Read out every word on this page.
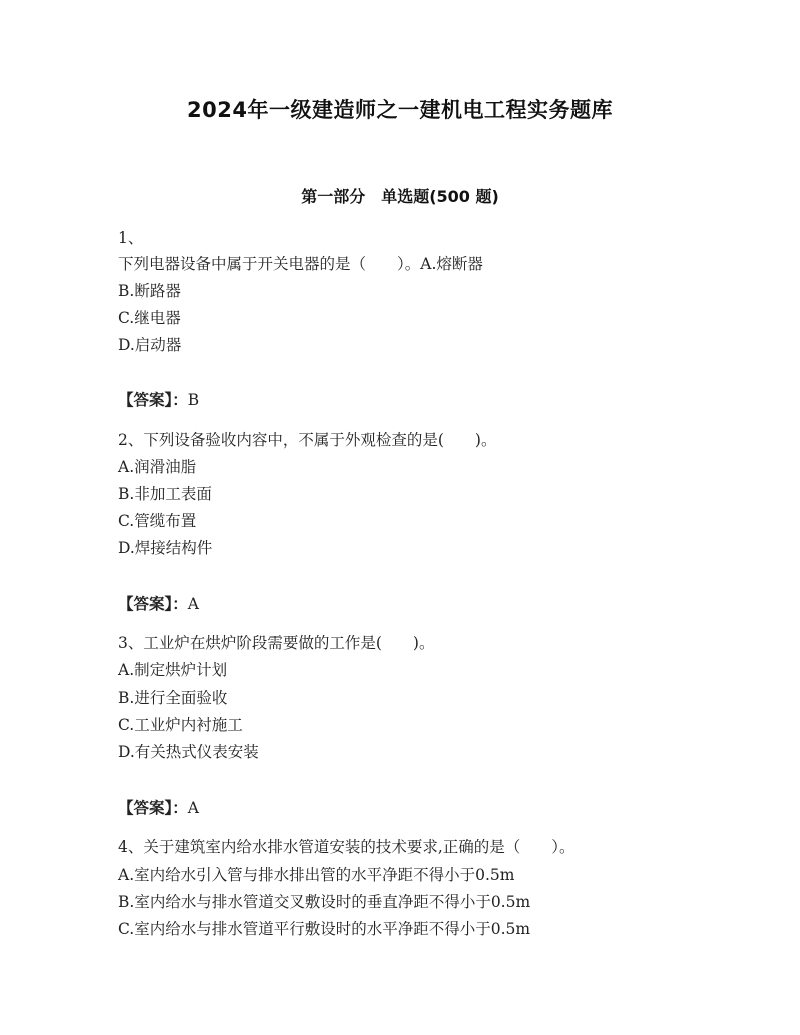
2024年一级建造师之一建机电工程实务题库
第一部分　单选题(500 题)
1、
下列电器设备中属于开关电器的是（　　）。A.熔断器
B.断路器
C.继电器
D.启动器
【答案】：B
2、下列设备验收内容中，不属于外观检查的是(　　)。
A.润滑油脂
B.非加工表面
C.管缆布置
D.焊接结构件
【答案】：A
3、工业炉在烘炉阶段需要做的工作是(　　)。
A.制定烘炉计划
B.进行全面验收
C.工业炉内衬施工
D.有关热式仪表安装
【答案】：A
4、关于建筑室内给水排水管道安装的技术要求,正确的是（　　）。
A.室内给水引入管与排水排出管的水平净距不得小于0.5m
B.室内给水与排水管道交叉敷设时的垂直净距不得小于0.5m
C.室内给水与排水管道平行敷设时的水平净距不得小于0.5m
